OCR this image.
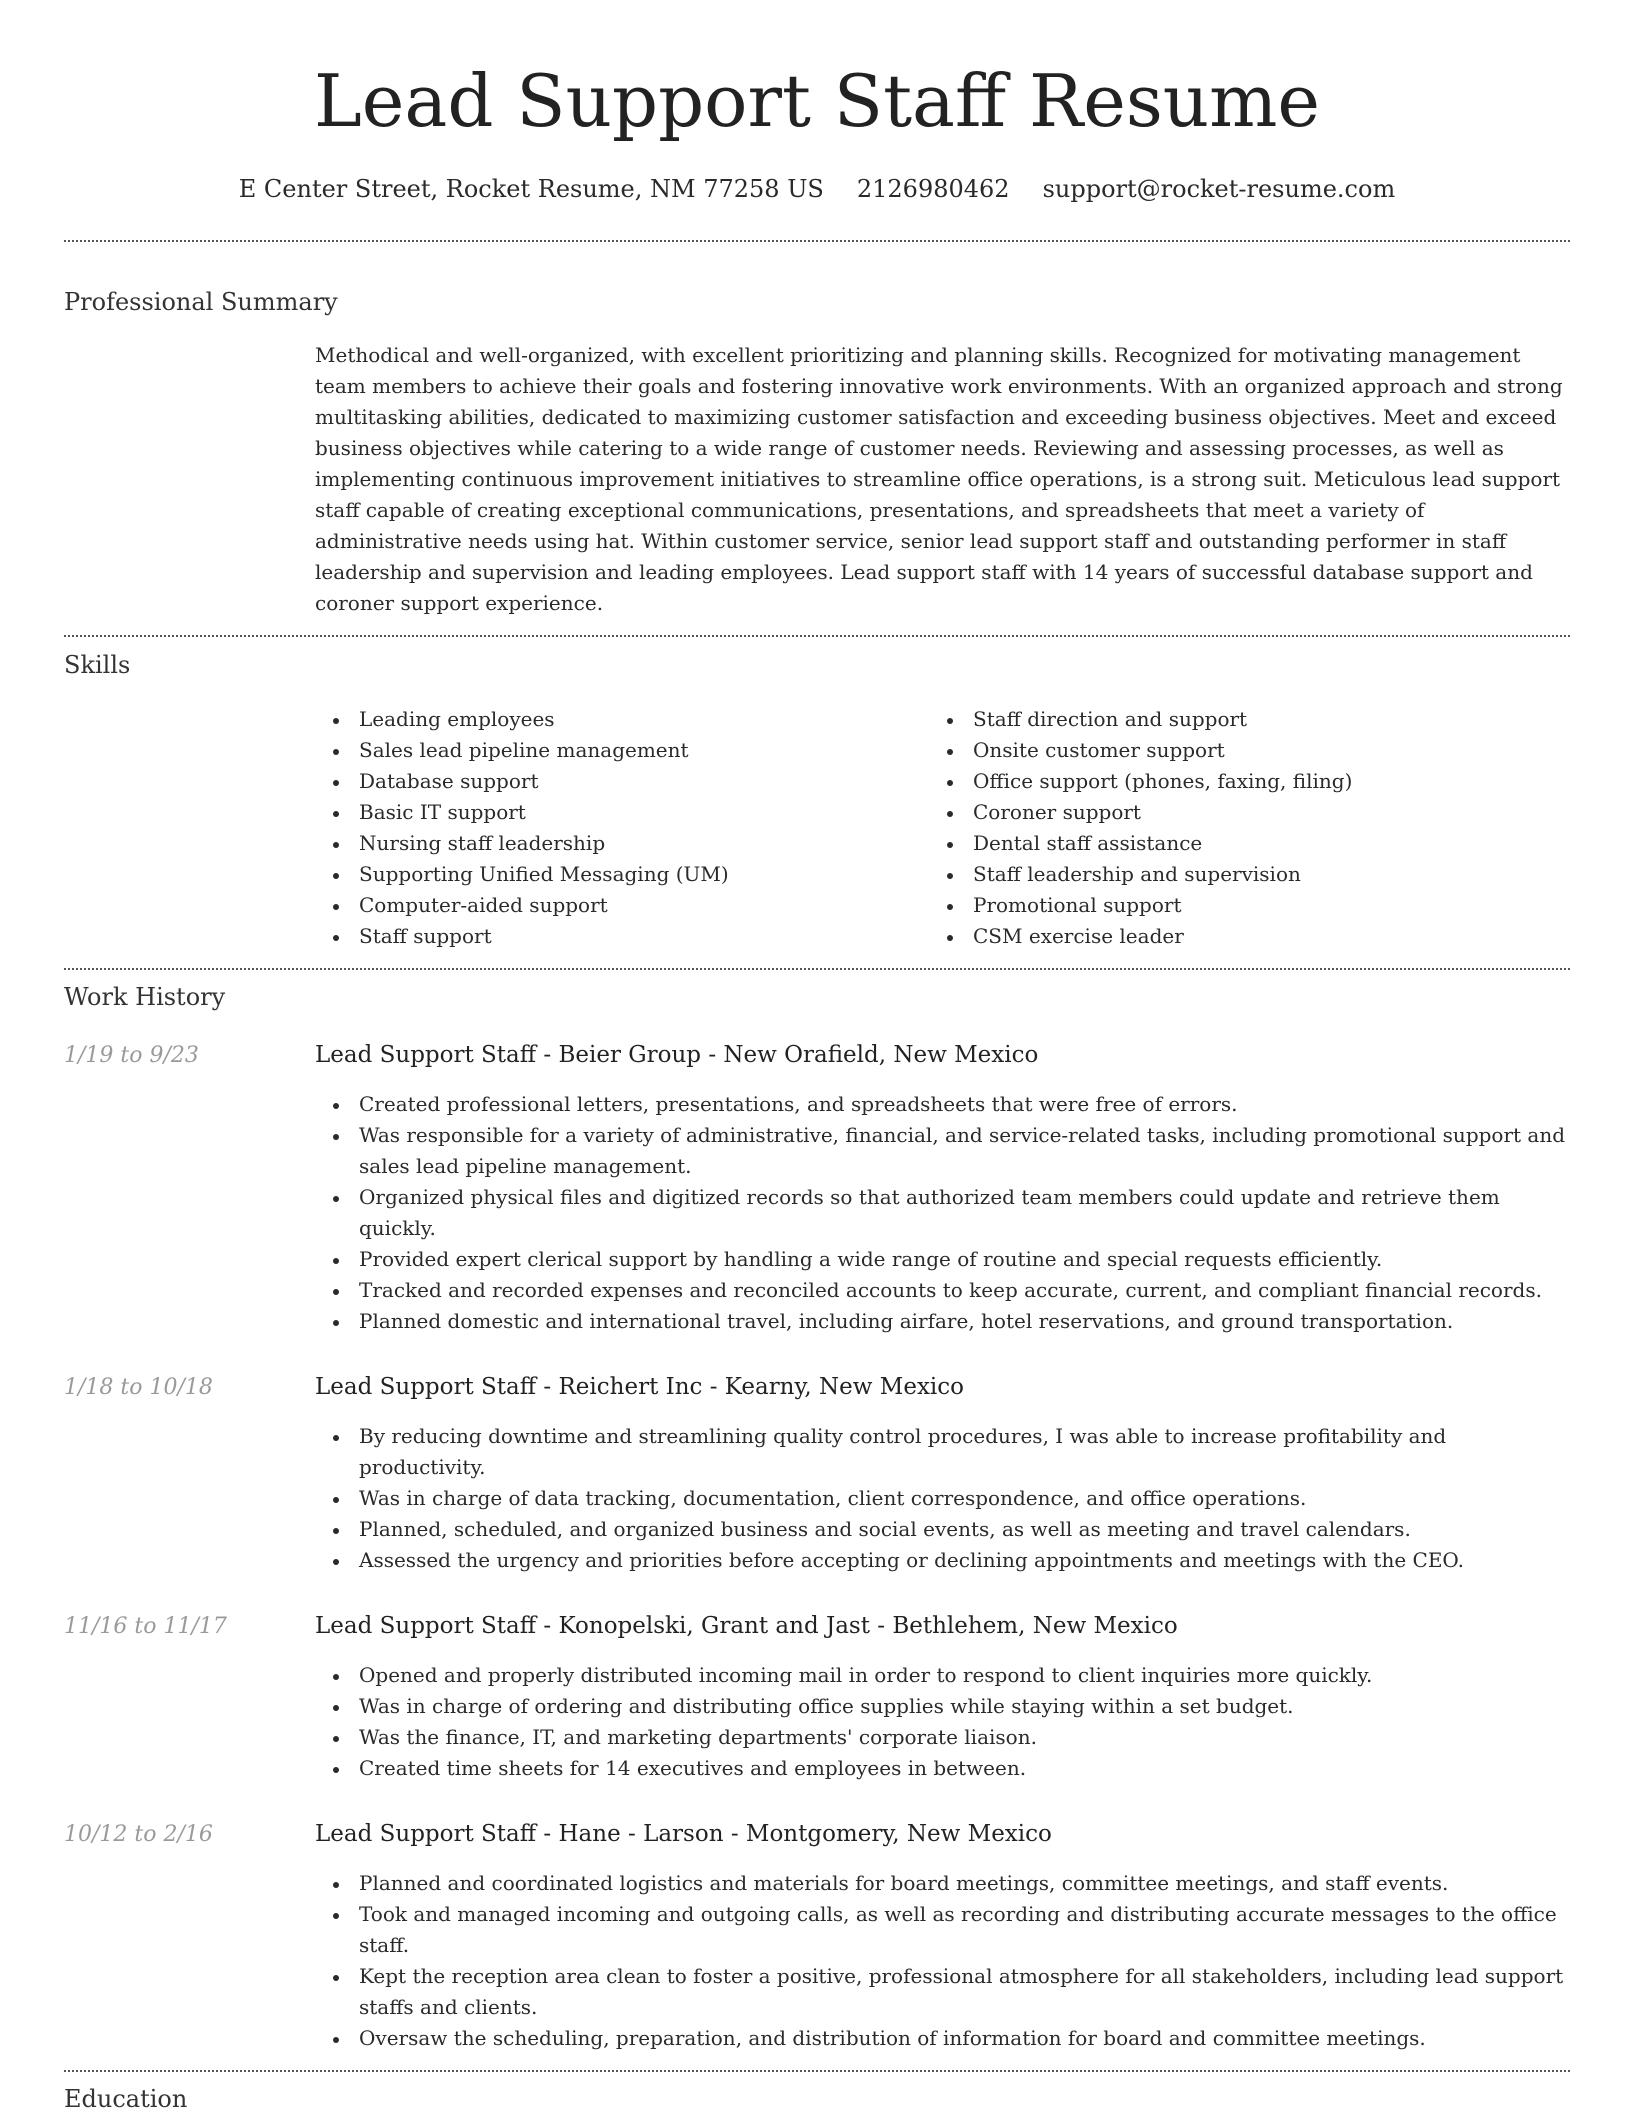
Lead Support Staff Resume
E Center Street, Rocket Resume, NM 77258 US 2126980462 support@rocket-resume.com
Professional Summary

Methodical and well-organized, with excellent prioritizing and planning skills. Recognized for motivating management team members to achieve their goals and fostering innovative work environments. With an organized approach and strong multitasking abilities, dedicated to maximizing customer satisfaction and exceeding business objectives. Meet and exceed business objectives while catering to a wide range of customer needs. Reviewing and assessing processes, as well as implementing continuous improvement initiatives to streamline office operations, is a strong suit. Meticulous lead support staff capable of creating exceptional communications, presentations, and spreadsheets that meet a variety of administrative needs using hat. Within customer service, senior lead support staff and outstanding performer in staff leadership and supervision and leading employees. Lead support staff with 14 years of successful database support and coroner support experience.

Skills
Leading employees
Sales lead pipeline management
Database support
Basic IT support
Nursing staff leadership
Supporting Unified Messaging (UM)
Computer-aided support
Staff support
Staff direction and support
Onsite customer support
Office support (phones, faxing, filing)
Coroner support
Dental staff assistance
Staff leadership and supervision
Promotional support
CSM exercise leader
Work History
1/19 to 9/23	Lead Support Staff - Beier Group - New Orafield, New Mexico
Created professional letters, presentations, and spreadsheets that were free of errors.
Was responsible for a variety of administrative, financial, and service-related tasks, including promotional support and sales lead pipeline management.
Organized physical files and digitized records so that authorized team members could update and retrieve them quickly.
Provided expert clerical support by handling a wide range of routine and special requests efficiently.
Tracked and recorded expenses and reconciled accounts to keep accurate, current, and compliant financial records.
Planned domestic and international travel, including airfare, hotel reservations, and ground transportation.
1/18 to 10/18	Lead Support Staff - Reichert Inc - Kearny, New Mexico
By reducing downtime and streamlining quality control procedures, I was able to increase profitability and productivity.
Was in charge of data tracking, documentation, client correspondence, and office operations.
Planned, scheduled, and organized business and social events, as well as meeting and travel calendars.
Assessed the urgency and priorities before accepting or declining appointments and meetings with the CEO.
11/16 to 11/17	Lead Support Staff - Konopelski, Grant and Jast - Bethlehem, New Mexico
Opened and properly distributed incoming mail in order to respond to client inquiries more quickly.
Was in charge of ordering and distributing office supplies while staying within a set budget.
Was the finance, IT, and marketing departments' corporate liaison.
Created time sheets for 14 executives and employees in between.
10/12 to 2/16	Lead Support Staff - Hane - Larson - Montgomery, New Mexico
Planned and coordinated logistics and materials for board meetings, committee meetings, and staff events.
Took and managed incoming and outgoing calls, as well as recording and distributing accurate messages to the office staff.
Kept the reception area clean to foster a positive, professional atmosphere for all stakeholders, including lead support staffs and clients.
Oversaw the scheduling, preparation, and distribution of information for board and committee meetings.
Education
